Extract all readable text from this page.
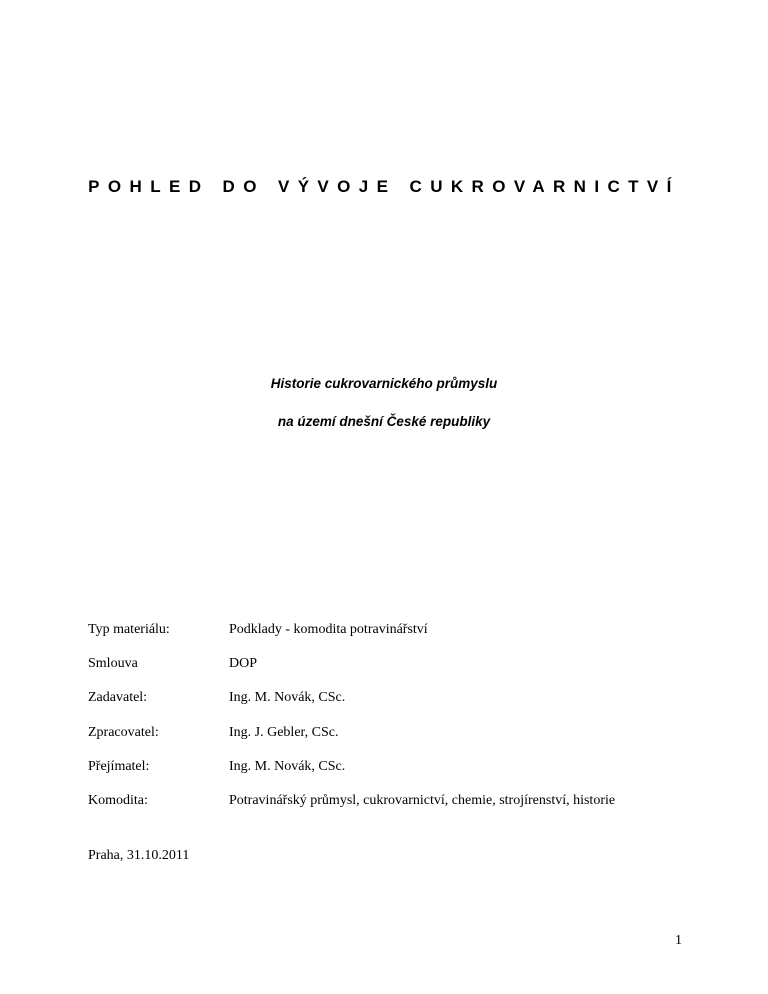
POHLED DO VÝVOJE CUKROVARNICTVÍ
Historie cukrovarnického průmyslu
na území dnešní České republiky
Typ materiálu:	Podklady - komodita potravinářství
Smlouva	DOP
Zadavatel:	Ing. M. Novák, CSc.
Zpracovatel:	Ing. J. Gebler, CSc.
Přejímatel:	Ing. M. Novák, CSc.
Komodita:	Potravinářský průmysl, cukrovarnictví, chemie, strojírenství, historie
Praha, 31.10.2011
1
